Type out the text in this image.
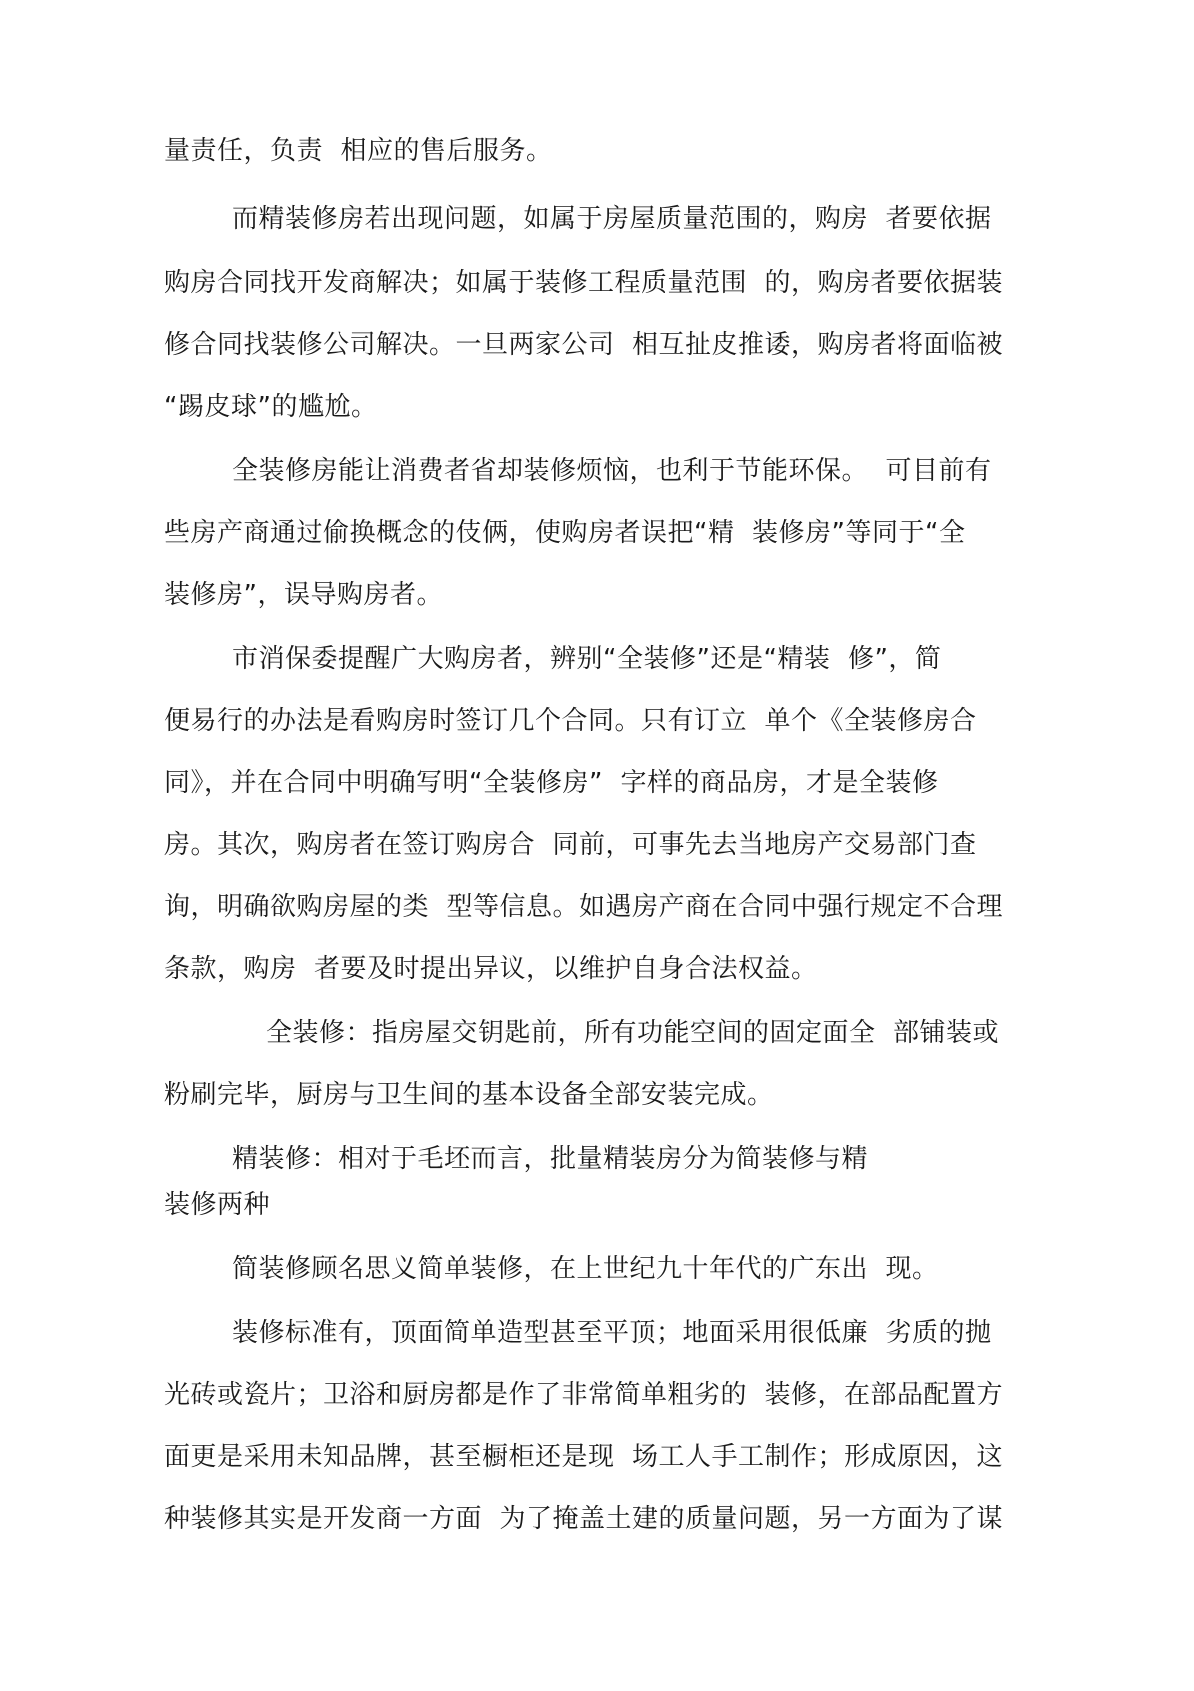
量责任，负责  相应的售后服务。
而精装修房若出现问题，如属于房屋质量范围的，购房  者要依据
购房合同找开发商解决；如属于装修工程质量范围  的，购房者要依据装
修合同找装修公司解决。一旦两家公司  相互扯皮推诿，购房者将面临被
“踢皮球”的尴尬。
全装修房能让消费者省却装修烦恼，也利于节能环保。  可目前有
些房产商通过偷换概念的伎俩，使购房者误把“精  装修房”等同于“全
装修房”，误导购房者。
市消保委提醒广大购房者，辨别“全装修”还是“精装  修”，简
便易行的办法是看购房时签订几个合同。只有订立  单个《全装修房合
同》，并在合同中明确写明“全装修房”  字样的商品房，才是全装修
房。其次，购房者在签订购房合  同前，可事先去当地房产交易部门查
询，明确欲购房屋的类  型等信息。如遇房产商在合同中强行规定不合理
条款，购房  者要及时提出异议，以维护自身合法权益。
全装修：指房屋交钥匙前，所有功能空间的固定面全  部铺装或
粉刷完毕，厨房与卫生间的基本设备全部安装完成。
精装修：相对于毛坯而言，批量精装房分为简装修与精
装修两种
简装修顾名思义简单装修，在上世纪九十年代的广东出  现。
装修标准有，顶面简单造型甚至平顶；地面采用很低廉  劣质的抛
光砖或瓷片；卫浴和厨房都是作了非常简单粗劣的  装修，在部品配置方
面更是采用未知品牌，甚至橱柜还是现  场工人手工制作；形成原因，这
种装修其实是开发商一方面  为了掩盖土建的质量问题，另一方面为了谋
